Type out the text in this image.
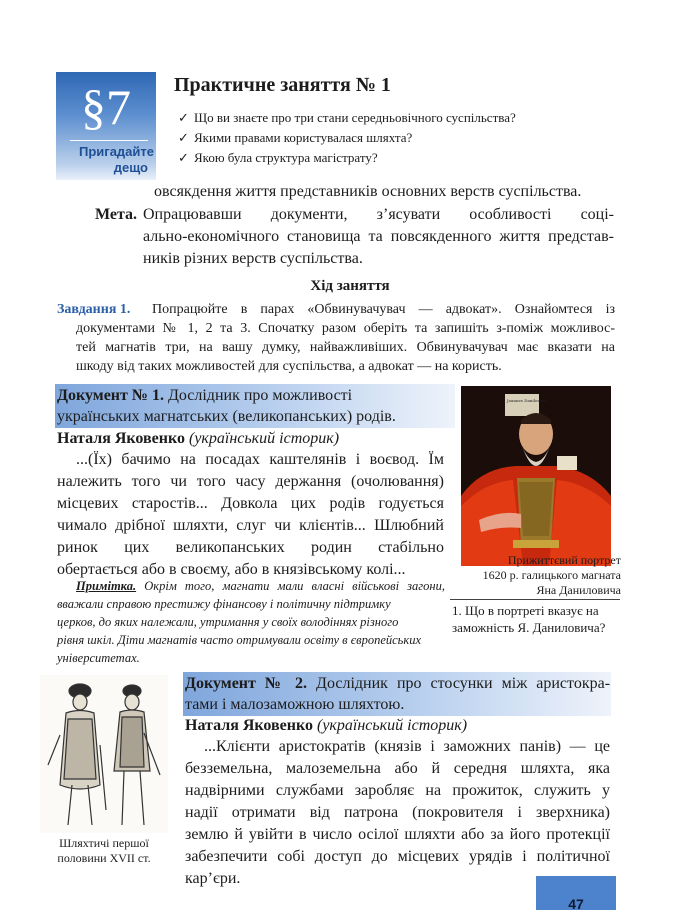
§7
Пригадайте
дещо
Практичне заняття № 1
✓ Що ви знаєте про три стани середньовічного суспільства?
✓ Якими правами користувалася шляхта?
✓ Якою була структура магістрату?
овсякдення життя представників основних верств суспільства.
Мета. Опрацювавши документи, з’ясувати особливості соці-
ально-економічного становища та повсякденного життя представ-
ників різних верств суспільства.
Хід заняття
Завдання 1. Попрацюйте в парах «Обвинувачувач — адвокат». Ознайомтеся із
документами № 1, 2 та 3. Спочатку разом оберіть та запишіть з-поміж можливос-
тей магнатів три, на вашу думку, найважливіших. Обвинувачувач має вказати на
шкоду від таких можливостей для суспільства, а адвокат — на користь.
Документ № 1. Дослідник про можливості
українських магнатських (великопанських) родів.
Наталя Яковенко (український історик)
...(Їх) бачимо на посадах каштелянів і воєвод. Їм
належить того чи того часу держання (очолювання)
місцевих старостів... Довкола цих родів годується
чимало дрібної шляхти, слуг чи клієнтів... Шлюбний
ринок цих великопанських родин стабільно
обертається або в своєму, або в князівському колі...
Примітка. Окрім того, магнати мали власні військові загони,
вважали справою престижу фінансову і політичну підтримку
церков, до яких належали, утримання у своїх володіннях різного
рівня шкіл. Діти магнатів часто отримували освіту в європейських
університетах.
Joannes Danilowicz
Прижиттєвий портрет
1620 р. галицького магната
Яна Даниловича
1. Що в портреті вказує на
заможність Я. Даниловича?
Шляхтичі першої
половини XVII ст.
Документ № 2. Дослідник про стосунки між аристокра-
тами і малозаможною шляхтою.
Наталя Яковенко (український історик)
...Клієнти аристократів (князів і заможних панів) — це
безземельна, малоземельна або й середня шляхта, яка
надвірними службами заробляє на прожиток, служить у
надії отримати від патрона (покровителя і зверхника)
землю й увійти в число осілої шляхти або за його протекції
забезпечити собі доступ до місцевих урядів і політичної
кар’єри.
47
